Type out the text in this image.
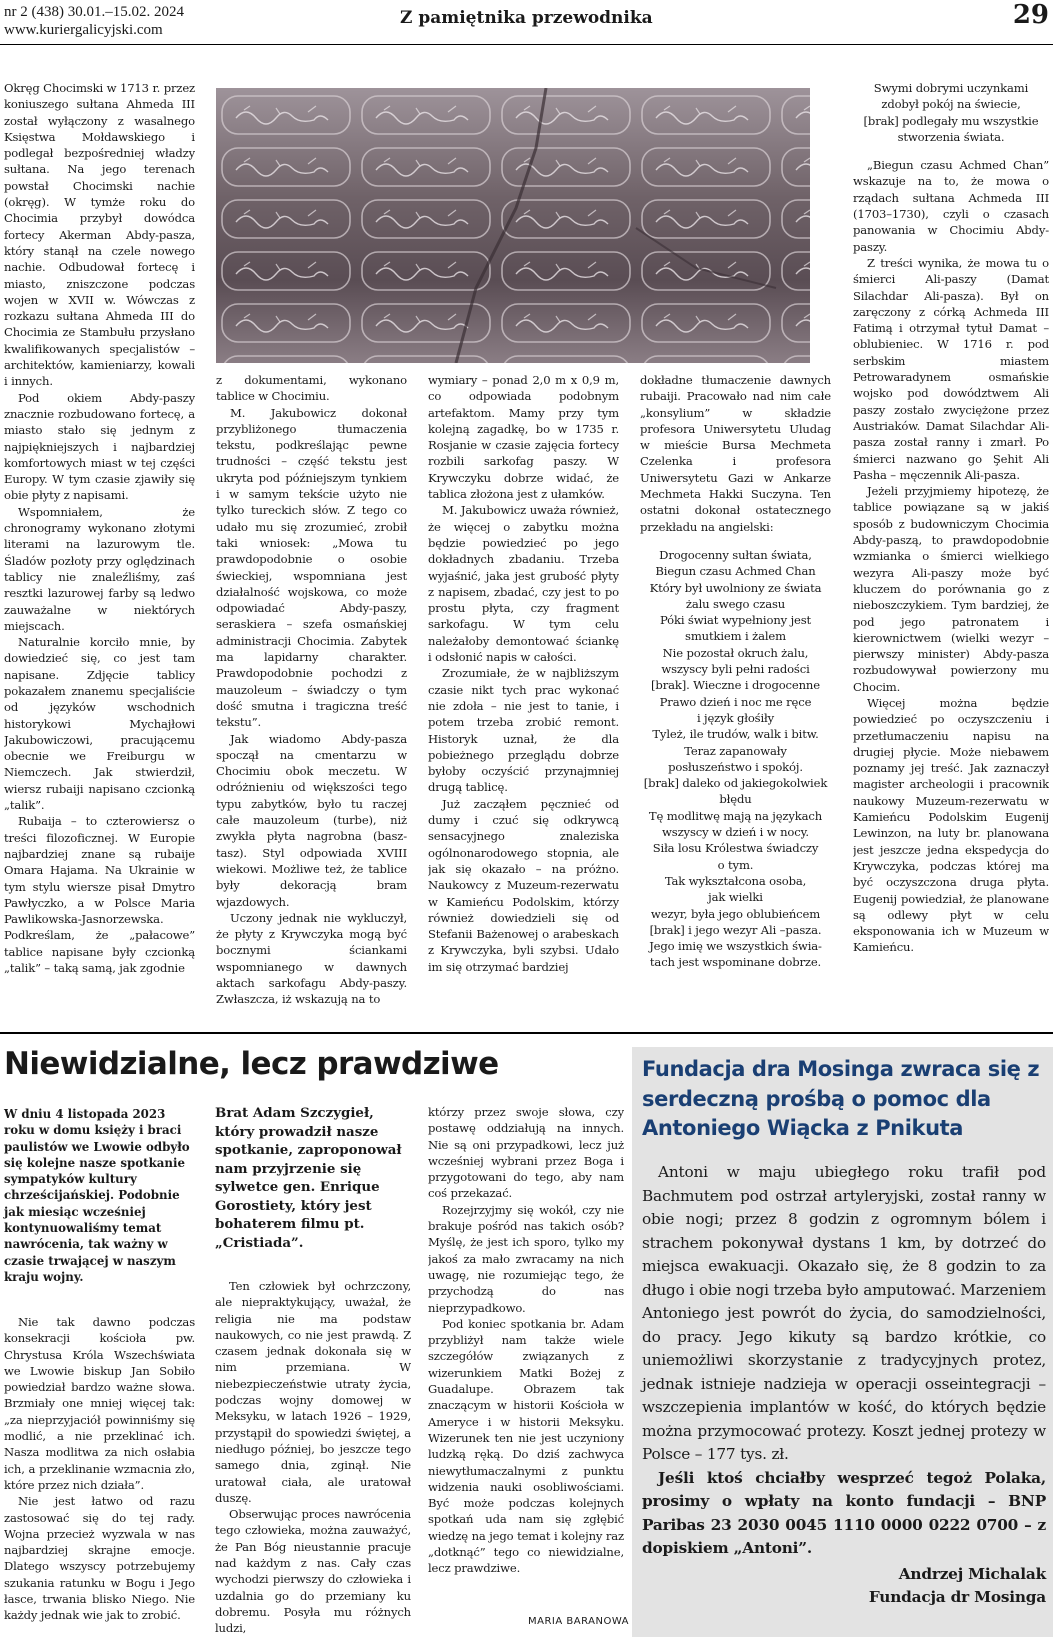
nr 2 (438) 30.01.–15.02. 2024
www.kuriergalicyjski.com
Z pamiętnika przewodnika	29

Okręg Chocimski w 1713 r. przez koniuszego sułtana Ahmeda III został wyłączony z wasalnego Księstwa Mołdawskiego i podlegał bezpośredniej władzy sułtana. Na jego terenach powstał Chocimski nachie (okręg). W tymże roku do Chocimia przybył dowódca fortecy Akerman Abdy-pasza, który stanął na czele nowego nachie. Odbudował fortecę i miasto, zniszczone podczas wojen w XVII w. Wówczas z rozkazu sułtana Ahmeda III do Chocimia ze Stambułu przysłano kwalifikowanych specjalistów – architektów, kamieniarzy, kowali i innych.

Pod okiem Abdy-paszy znacznie rozbudowano fortecę, a miasto stało się jednym z najpiękniejszych i najbardziej komfortowych miast w tej części Europy. W tym czasie zjawiły się obie płyty z napisami.

Wspomniałem, że chronogramy wykonano złotymi literami na lazurowym tle. Śladów pozłoty przy oględzinach tablicy nie znaleźliśmy, zaś resztki lazurowej farby są ledwo zauważalne w niektórych miejscach.

Naturalnie korciło mnie, by dowiedzieć się, co jest tam napisane. Zdjęcie tablicy pokazałem znanemu specjaliście od języków wschodnich historykowi Mychajłowi Jakubowiczowi, pracującemu obecnie we Freiburgu w Niemczech. Jak stwierdził, wiersz rubaiji napisano czcionką „talik”.

Rubaija – to czterowiersz o treści filozoficznej. W Europie najbardziej znane są rubaije Omara Hajama. Na Ukrainie w tym stylu wiersze pisał Dmytro Pawłyczko, a w Polsce Maria Pawlikowska-Jasnorzewska. Podkreślam, że „pałacowe” tablice napisane były czcionką „talik” – taką samą, jak zgodnie

z dokumentami, wykonano tablice w Chocimiu.

M. Jakubowicz dokonał przybliżonego tłumaczenia tekstu, podkreślając pewne trudności – część tekstu jest ukryta pod późniejszym tynkiem i w samym tekście użyto nie tylko tureckich słów. Z tego co udało mu się zrozumieć, zrobił taki wniosek: „Mowa tu prawdopodobnie o osobie świeckiej, wspomniana jest działalność wojskowa, co może odpowiadać Abdy-paszy, seraskiera – szefa osmańskiej administracji Chocimia. Zabytek ma lapidarny charakter. Prawdopodobnie pochodzi z mauzoleum – świadczy o tym dość smutna i tragiczna treść tekstu”.

Jak wiadomo Abdy-pasza spoczął na cmentarzu w Chocimiu obok meczetu. W odróżnieniu od większości tego typu zabytków, było tu raczej całe mauzoleum (turbe), niż zwykła płyta nagrobna (basz-tasz). Styl odpowiada XVIII wiekowi. Możliwe też, że tablice były dekoracją bram wjazdowych.

Uczony jednak nie wykluczył, że płyty z Krywczyka mogą być bocznymi ściankami wspomnianego w dawnych aktach sarkofagu Abdy-paszy. Zwłaszcza, iż wskazują na to

wymiary – ponad 2,0 m x 0,9 m, co odpowiada podobnym artefaktom. Mamy przy tym kolejną zagadkę, bo w 1735 r. Rosjanie w czasie zajęcia fortecy rozbili sarkofag paszy. W Krywczyku dobrze widać, że tablica złożona jest z ułamków.

M. Jakubowicz uważa również, że więcej o zabytku można będzie powiedzieć po jego dokładnych zbadaniu. Trzeba wyjaśnić, jaka jest grubość płyty z napisem, zbadać, czy jest to po prostu płyta, czy fragment sarkofagu. W tym celu należałoby demontować ściankę i odsłonić napis w całości.

Zrozumiałe, że w najbliższym czasie nikt tych prac wykonać nie zdoła – nie jest to tanie, i potem trzeba zrobić remont. Historyk uznał, że dla pobieżnego przeglądu dobrze byłoby oczyścić przynajmniej drugą tablicę.

Już zacząłem pęcznieć od dumy i czuć się odkrywcą sensacyjnego znaleziska ogólnonarodowego stopnia, ale jak się okazało – na próżno. Naukowcy z Muzeum-rezerwatu w Kamieńcu Podolskim, którzy również dowiedzieli się od Stefanii Bażenowej o arabeskach z Krywczyka, byli szybsi. Udało im się otrzymać bardziej

dokładne tłumaczenie dawnych rubaiji. Pracowało nad nim całe „konsylium” w składzie profesora Uniwersytetu Uludag w mieście Bursa Mechmeta Czelenka i profesora Uniwersytetu Gazi w Ankarze Mechmeta Hakki Suczyna. Ten ostatni dokonał ostatecznego przekładu na angielski:

Drogocenny sułtan świata,

Biegun czasu Achmed Chan

Który był uwolniony ze świata

żalu swego czasu

Póki świat wypełniony jest

smutkiem i żalem

Nie pozostał okruch żalu,

wszyscy byli pełni radości

[brak]. Wieczne i drogocenne

Prawo dzień i noc me ręce

i język głośiły

Tyleż, ile trudów, walk i bitw.

Teraz zapanowały

posłuszeństwo i spokój.

[brak] daleko od jakiegokolwiek

błędu

Tę modlitwę mają na językach

wszyscy w dzień i w nocy.

Siła losu Królestwa świadczy

o tym.

Tak wykształcona osoba,

jak wielki

wezyr, była jego oblubieńcem

[brak] i jego wezyr Ali –pasza.

Jego imię we wszystkich świa-

tach jest wspominane dobrze.

Swymi dobrymi uczynkami

zdobył pokój na świecie,

[brak] podlegały mu wszystkie

stworzenia świata.

„Biegun czasu Achmed Chan” wskazuje na to, że mowa o rządach sułtana Achmeda III (1703–1730), czyli o czasach panowania w Chocimiu Abdy-paszy.

Z treści wynika, że mowa tu o śmierci Ali-paszy (Damat Silachdar Ali-pasza). Był on zaręczony z córką Achmeda III Fatimą i otrzymał tytuł Damat –oblubieniec. W 1716 r. pod serbskim miastem Petrowaradynem osmańskie wojsko pod dowództwem Ali paszy zostało zwyciężone przez Austriaków. Damat Silachdar Ali-pasza został ranny i zmarł. Po śmierci nazwano go Şehit Ali Pasha – męczennik Ali-pasza.

Jeżeli przyjmiemy hipotezę, że tablice powiązane są w jakiś sposób z budowniczym Chocimia Abdy-paszą, to prawdopodobnie wzmianka o śmierci wielkiego wezyra Ali-paszy może być kluczem do porównania go z nieboszczykiem. Tym bardziej, że pod jego patronatem i kierownictwem (wielki wezyr – pierwszy minister) Abdy-pasza rozbudowywał powierzony mu Chocim.

Więcej można będzie powiedzieć po oczyszczeniu i przetłumaczeniu napisu na drugiej płycie. Może niebawem poznamy jej treść. Jak zaznaczył magister archeologii i pracownik naukowy Muzeum-rezerwatu w Kamieńcu Podolskim Eugenij Lewinzon, na luty br. planowana jest jeszcze jedna ekspedycja do Krywczyka, podczas której ma być oczyszczona druga płyta. Eugenij powiedział, że planowane są odlewy płyt w celu eksponowania ich w Muzeum w Kamieńcu.

Niewidzialne, lecz prawdziwe
W dniu 4 listopada 2023 roku w domu księży i braci paulistów we Lwowie odbyło się kolejne nasze spotkanie sympatyków kultury chrześcijańskiej. Podobnie jak miesiąc wcześniej kontynuowaliśmy temat nawrócenia, tak ważny w czasie trwającej w naszym kraju wojny.

Nie tak dawno podczas konsekracji kościoła pw. Chrystusa Króla Wszechświata we Lwowie biskup Jan Sobiło powiedział bardzo ważne słowa. Brzmiały one mniej więcej tak: „za nieprzyjaciół powinniśmy się modlić, a nie przeklinać ich. Nasza modlitwa za nich osłabia ich, a przeklinanie wzmacnia zło, które przez nich działa”.

Nie jest łatwo od razu zastosować się do tej rady. Wojna przecież wyzwala w nas najbardziej skrajne emocje. Dlatego wszyscy potrzebujemy szukania ratunku w Bogu i Jego łasce, trwania blisko Niego. Nie każdy jednak wie jak to zrobić.

Brat Adam Szczygieł, który prowadził nasze spotkanie, zaproponował nam przyjrzenie się sylwetce gen. Enrique Gorostiety, który jest bohaterem filmu pt. „Cristiada”.

Ten człowiek był ochrzczony, ale niepraktykujący, uważał, że religia nie ma podstaw naukowych, co nie jest prawdą. Z czasem jednak dokonała się w nim przemiana. W niebezpieczeństwie utraty życia, podczas wojny domowej w Meksyku, w latach 1926 – 1929, przystąpił do spowiedzi świętej, a niedługo później, bo jeszcze tego samego dnia, zginął. Nie uratował ciała, ale uratował duszę.

Obserwując proces nawrócenia tego człowieka, można zauważyć, że Pan Bóg nieustannie pracuje nad każdym z nas. Cały czas wychodzi pierwszy do człowieka i uzdalnia go do przemiany ku dobremu. Posyła mu różnych ludzi,

którzy przez swoje słowa, czy postawę oddziałują na innych. Nie są oni przypadkowi, lecz już wcześniej wybrani przez Boga i przygotowani do tego, aby nam coś przekazać.

Rozejrzyjmy się wokół, czy nie brakuje pośród nas takich osób? Myślę, że jest ich sporo, tylko my jakoś za mało zwracamy na nich uwagę, nie rozumiejąc tego, że przychodzą do nas nieprzypadkowo.

Pod koniec spotkania br. Adam przybliżył nam także wiele szczegółów związanych z wizerunkiem Matki Bożej z Guadalupe. Obrazem tak znaczącym w historii Kościoła w Ameryce i w historii Meksyku. Wizerunek ten nie jest uczyniony ludzką ręką. Do dziś zachwyca niewytłumaczalnymi z punktu widzenia nauki osobliwościami. Być może podczas kolejnych spotkań uda nam się zgłębić wiedzę na jego temat i kolejny raz „dotknąć” tego co niewidzialne, lecz prawdziwe.

MARIA BARANOWA
Fundacja dra Mosinga zwraca się z serdeczną prośbą o pomoc dla Antoniego Wiącka z Pnikuta

Antoni w maju ubiegłego roku trafił pod Bachmutem pod ostrzał artyleryjski, został ranny w obie nogi; przez 8 godzin z ogromnym bólem i strachem pokonywał dystans 1 km, by dotrzeć do miejsca ewakuacji. Okazało się, że 8 godzin to za długo i obie nogi trzeba było amputować. Marzeniem Antoniego jest powrót do życia, do samodzielności, do pracy. Jego kikuty są bardzo krótkie, co uniemożliwi skorzystanie z tradycyjnych protez, jednak istnieje nadzieja w operacji osseintegracji – wszczepienia implantów w kość, do których będzie można przymocować protezy. Koszt jednej protezy w Polsce – 177 tys. zł.

Jeśli ktoś chciałby wesprzeć tegoż Polaka, prosimy o wpłaty na konto fundacji – BNP Paribas 23 2030 0045 1110 0000 0222 0700 – z dopiskiem „Antoni”.

Andrzej Michalak

Fundacja dr Mosinga
